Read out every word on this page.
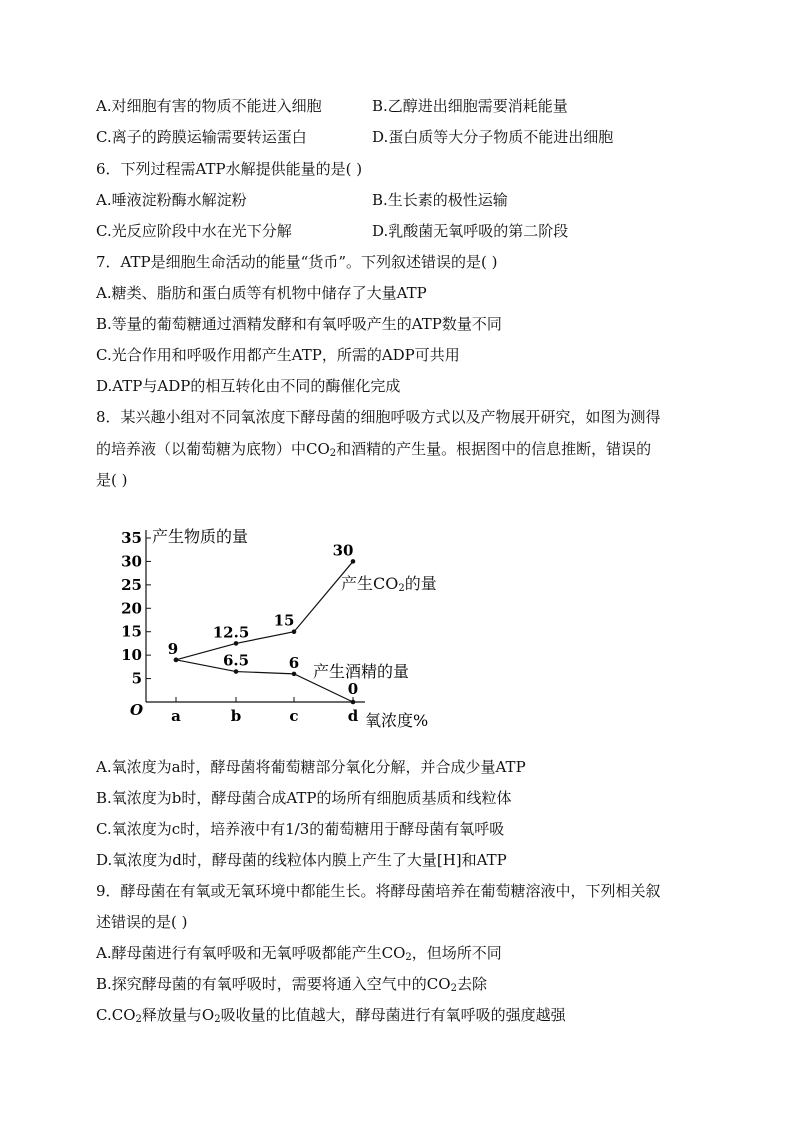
A.对细胞有害的物质不能进入细胞	B.乙醇进出细胞需要消耗能量
C.离子的跨膜运输需要转运蛋白	D.蛋白质等大分子物质不能进出细胞
6．下列过程需ATP水解提供能量的是( )
A.唾液淀粉酶水解淀粉	B.生长素的极性运输
C.光反应阶段中水在光下分解	D.乳酸菌无氧呼吸的第二阶段
7．ATP是细胞生命活动的能量“货币”。下列叙述错误的是( )
A.糖类、脂肪和蛋白质等有机物中储存了大量ATP
B.等量的葡萄糖通过酒精发酵和有氧呼吸产生的ATP数量不同
C.光合作用和呼吸作用都产生ATP，所需的ADP可共用
D.ATP与ADP的相互转化由不同的酶催化完成
8．某兴趣小组对不同氧浓度下酵母菌的细胞呼吸方式以及产物展开研究，如图为测得
的培养液（以葡萄糖为底物）中$CO_2$和酒精的产生量。根据图中的信息推断，错误的
是( )
5
10
15
20
25
30
35
a	b	c	d
O
产生物质的量
氧浓度%
9
12.5
15
30
6.5	6
0
产生酒精的量
产生$CO_2$的量
A.氧浓度为a时，酵母菌将葡萄糖部分氧化分解，并合成少量ATP
B.氧浓度为b时，酵母菌合成ATP的场所有细胞质基质和线粒体
C.氧浓度为c时，培养液中有1/3的葡萄糖用于酵母菌有氧呼吸
D.氧浓度为d时，酵母菌的线粒体内膜上产生了大量[H]和ATP
9．酵母菌在有氧或无氧环境中都能生长。将酵母菌培养在葡萄糖溶液中，下列相关叙
述错误的是( )
A.酵母菌进行有氧呼吸和无氧呼吸都能产生$CO_2$，但场所不同
B.探究酵母菌的有氧呼吸时，需要将通入空气中的$CO_2$去除
$C.CO_2$释放量与$O_2$吸收量的比值越大，酵母菌进行有氧呼吸的强度越强
